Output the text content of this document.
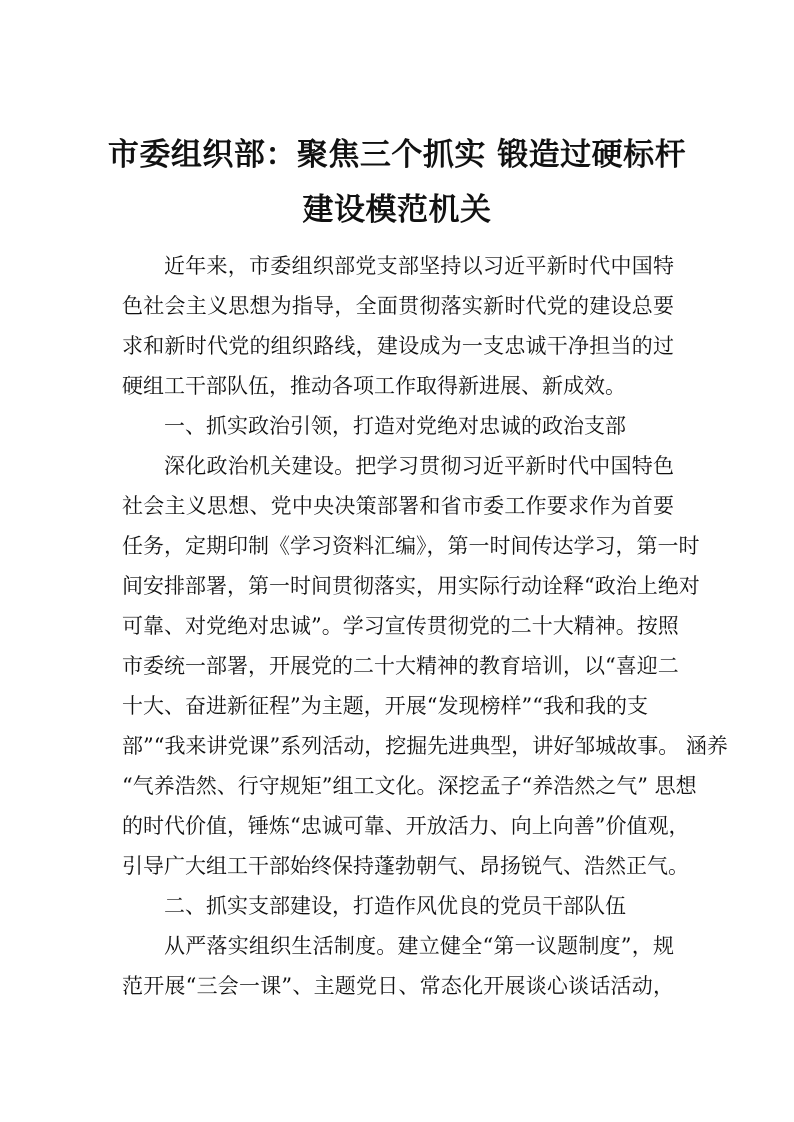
市委组织部：聚焦三个抓实 锻造过硬标杆
建设模范机关
近年来，市委组织部党支部坚持以习近平新时代中国特
色社会主义思想为指导，全面贯彻落实新时代党的建设总要
求和新时代党的组织路线，建设成为一支忠诚干净担当的过
硬组工干部队伍，推动各项工作取得新进展、新成效。
一、抓实政治引领，打造对党绝对忠诚的政治支部
深化政治机关建设。把学习贯彻习近平新时代中国特色
社会主义思想、党中央决策部署和省市委工作要求作为首要
任务，定期印制《学习资料汇编》，第一时间传达学习，第一时
间安排部署，第一时间贯彻落实，用实际行动诠释“政治上绝对
可靠、对党绝对忠诚”。学习宣传贯彻党的二十大精神。按照
市委统一部署，开展党的二十大精神的教育培训，以“喜迎二
十大、奋进新征程”为主题，开展“发现榜样”“我和我的支
部”“我来讲党课”系列活动，挖掘先进典型，讲好邹城故事。 涵养
“气养浩然、行守规矩”组工文化。深挖孟子“养浩然之气” 思想
的时代价值，锤炼“忠诚可靠、开放活力、向上向善”价值观，
引导广大组工干部始终保持蓬勃朝气、昂扬锐气、浩然正气。
二、抓实支部建设，打造作风优良的党员干部队伍
从严落实组织生活制度。建立健全“第一议题制度”，规
范开展“三会一课”、主题党日、常态化开展谈心谈话活动，
